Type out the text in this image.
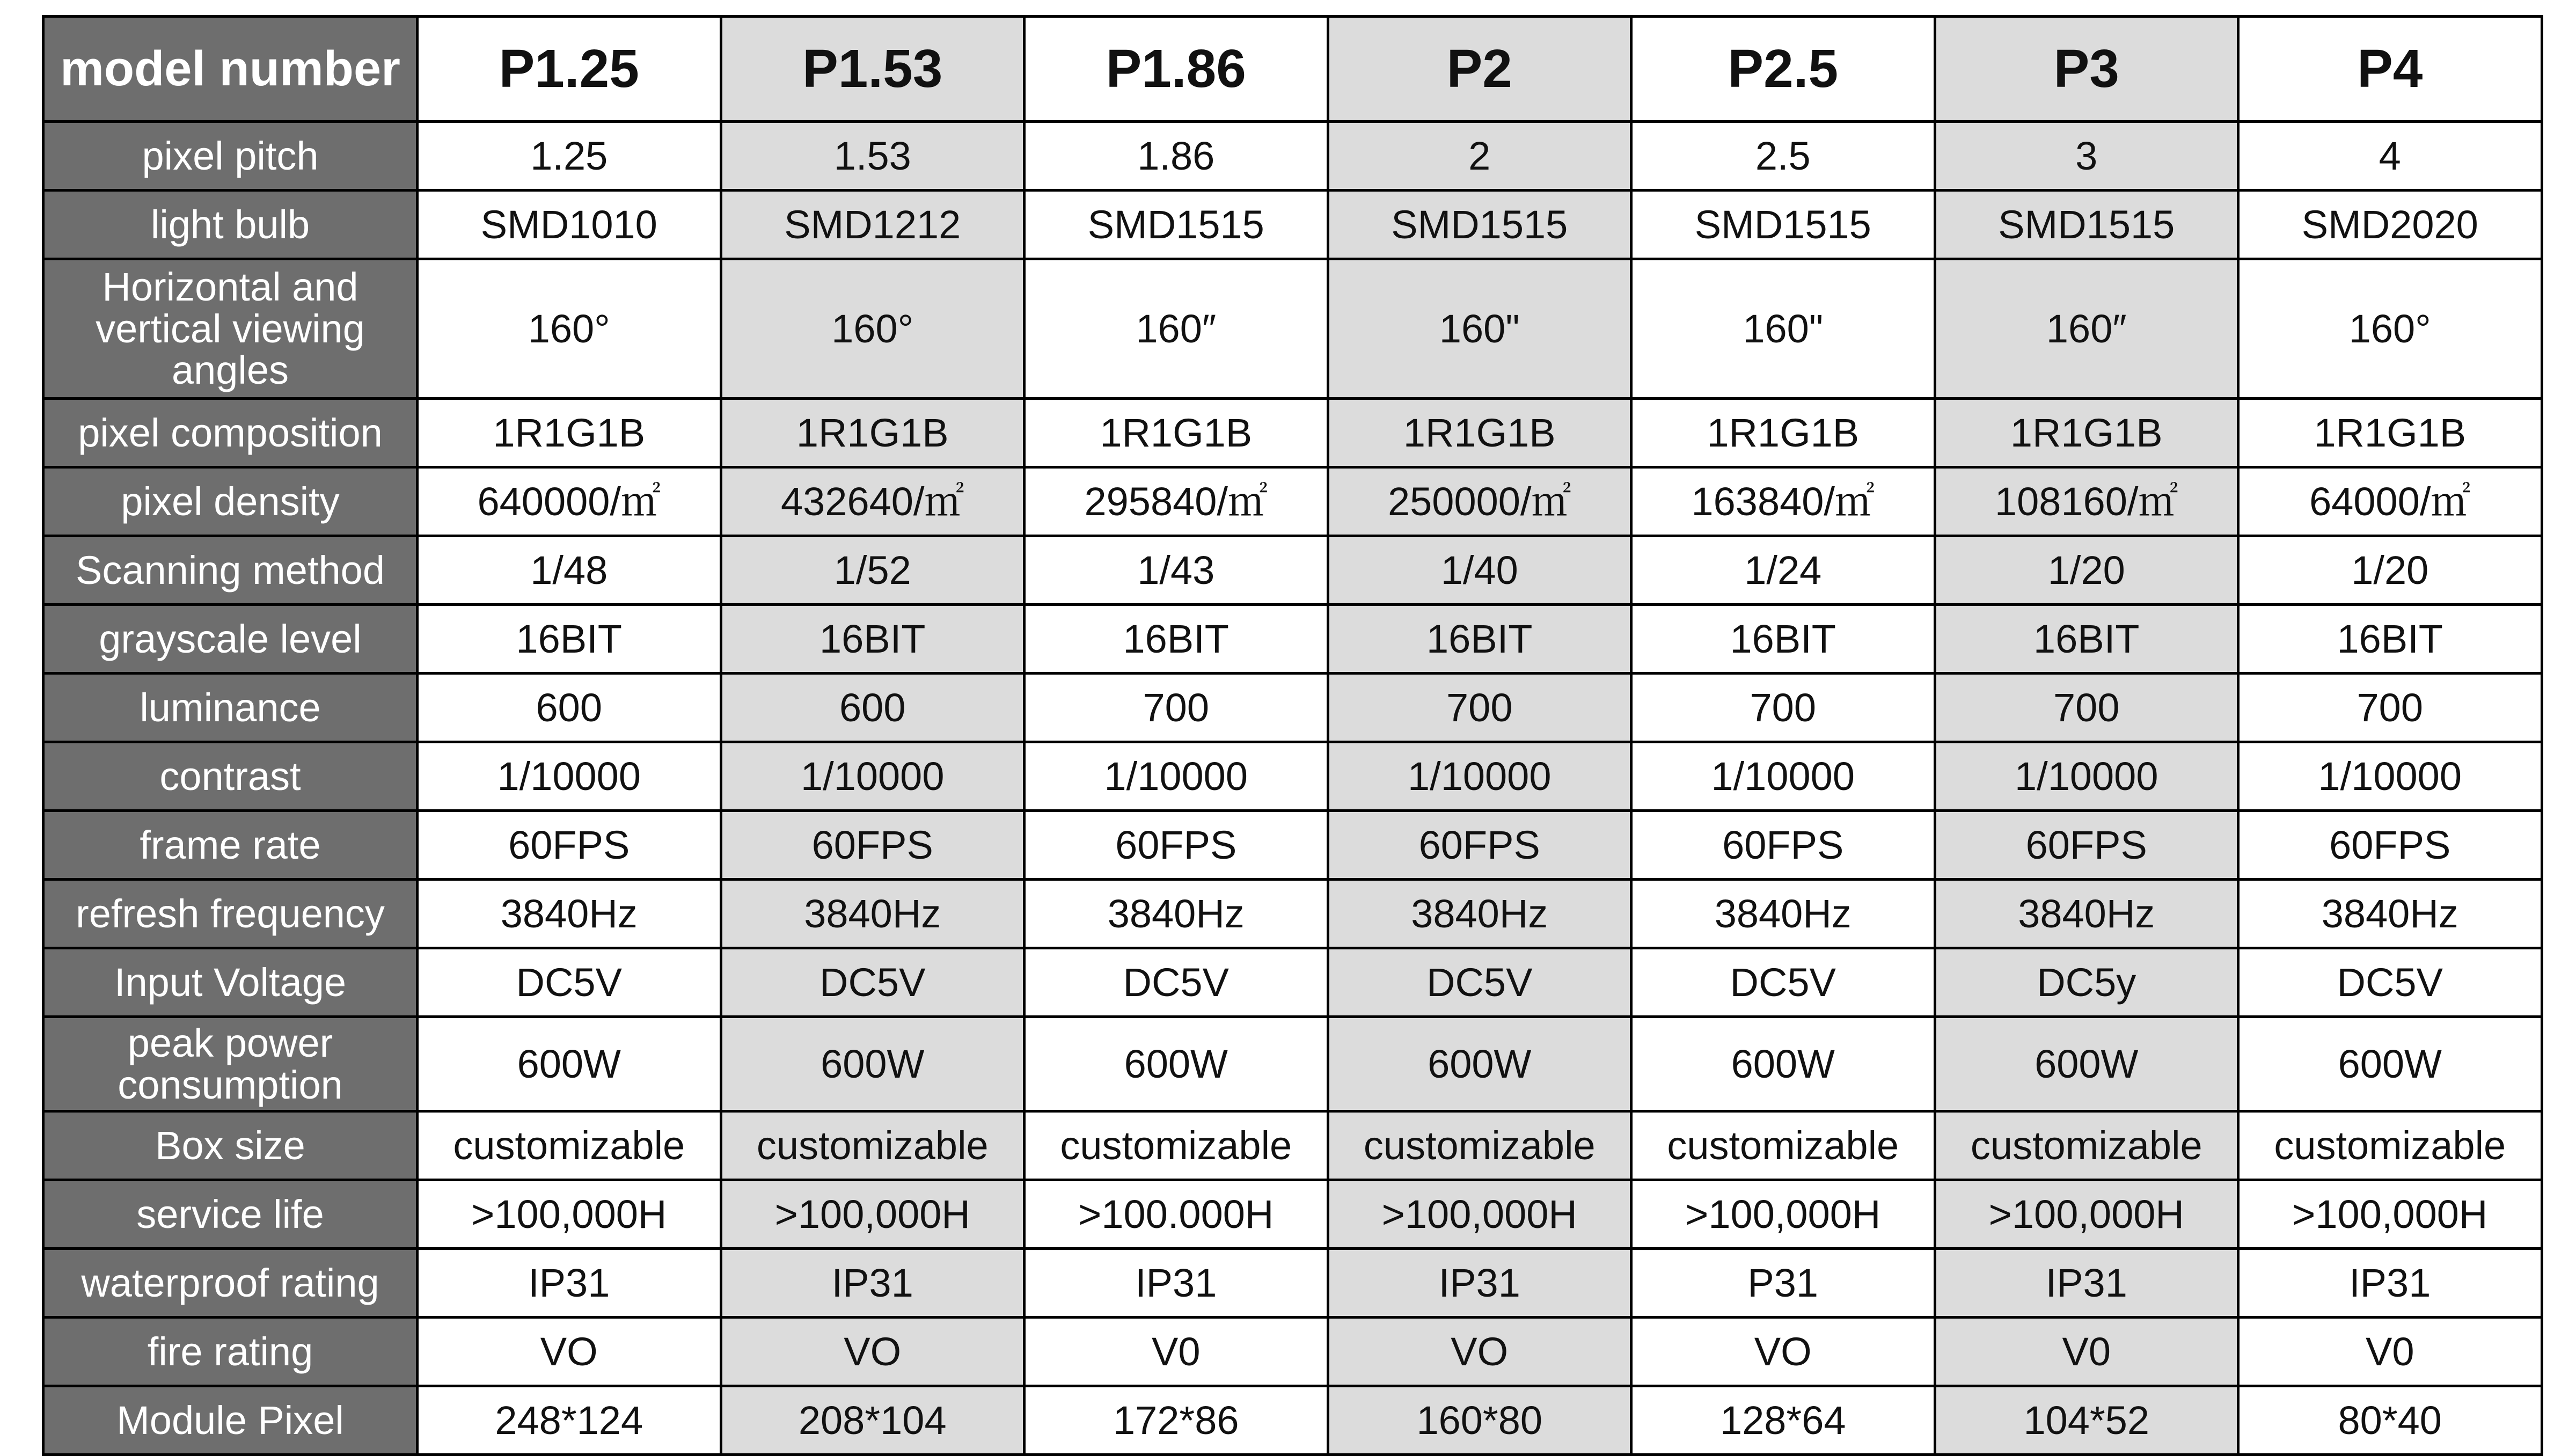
model number	P1.25	P1.53	P1.86	P2	P2.5	P3	P4
pixel pitch	1.25	1.53	1.86	2	2.5	3	4
light bulb	SMD1010	SMD1212	SMD1515	SMD1515	SMD1515	SMD1515	SMD2020
Horizontal and vertical viewing angles	160°	160°	160″	160"	160"	160″	160°
pixel composition	1R1G1B	1R1G1B	1R1G1B	1R1G1B	1R1G1B	1R1G1B	1R1G1B
pixel density	640000/㎡	432640/㎡	295840/㎡	250000/㎡	163840/㎡	108160/㎡	64000/㎡
Scanning method	1/48	1/52	1/43	1/40	1/24	1/20	1/20
grayscale level	16BIT	16BIT	16BIT	16BIT	16BIT	16BIT	16BIT
luminance	600	600	700	700	700	700	700
contrast	1/10000	1/10000	1/10000	1/10000	1/10000	1/10000	1/10000
frame rate	60FPS	60FPS	60FPS	60FPS	60FPS	60FPS	60FPS
refresh frequency	3840Hz	3840Hz	3840Hz	3840Hz	3840Hz	3840Hz	3840Hz
Input Voltage	DC5V	DC5V	DC5V	DC5V	DC5V	DC5y	DC5V
peak power consumption	600W	600W	600W	600W	600W	600W	600W
Box size	customizable	customizable	customizable	customizable	customizable	customizable	customizable
service life	>100,000H	>100,000H	>100.000H	>100,000H	>100,000H	>100,000H	>100,000H
waterproof rating	IP31	IP31	IP31	IP31	P31	IP31	IP31
fire rating	VO	VO	V0	VO	VO	V0	V0
Module Pixel	248*124	208*104	172*86	160*80	128*64	104*52	80*40
